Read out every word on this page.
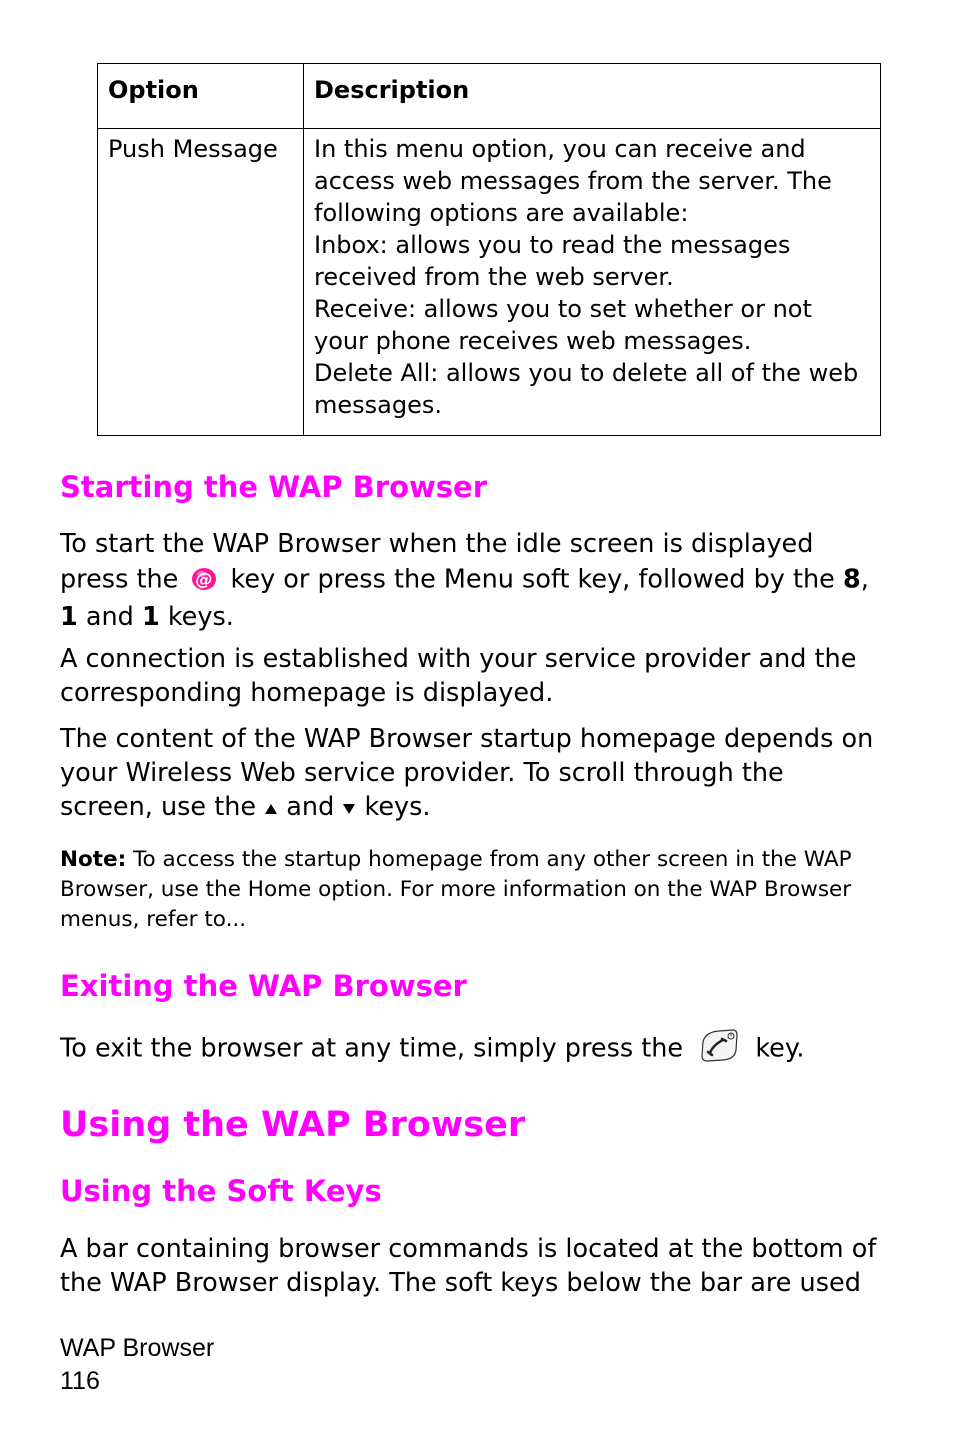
Option	Description
Push Message	In this menu option, you can receive and access web messages from the server. The following options are available:
Inbox: allows you to read the messages received from the web server.
Receive: allows you to set whether or not your phone receives web messages.
Delete All: allows you to delete all of the web messages.
Starting the WAP Browser

To start the WAP Browser when the idle screen is displayed press the @ key or press the Menu soft key, followed by the 8, 1 and 1 keys.

A connection is established with your service provider and the corresponding homepage is displayed.

The content of the WAP Browser startup homepage depends on your Wireless Web service provider. To scroll through the screen, use the and keys.

Note: To access the startup homepage from any other screen in the WAP Browser, use the Home option. For more information on the WAP Browser menus, refer to...

Exiting the WAP Browser

To exit the browser at any time, simply press the	key.

Using the WAP Browser
Using the Soft Keys

A bar containing browser commands is located at the bottom of the WAP Browser display. The soft keys below the bar are used

WAP Browser
116
